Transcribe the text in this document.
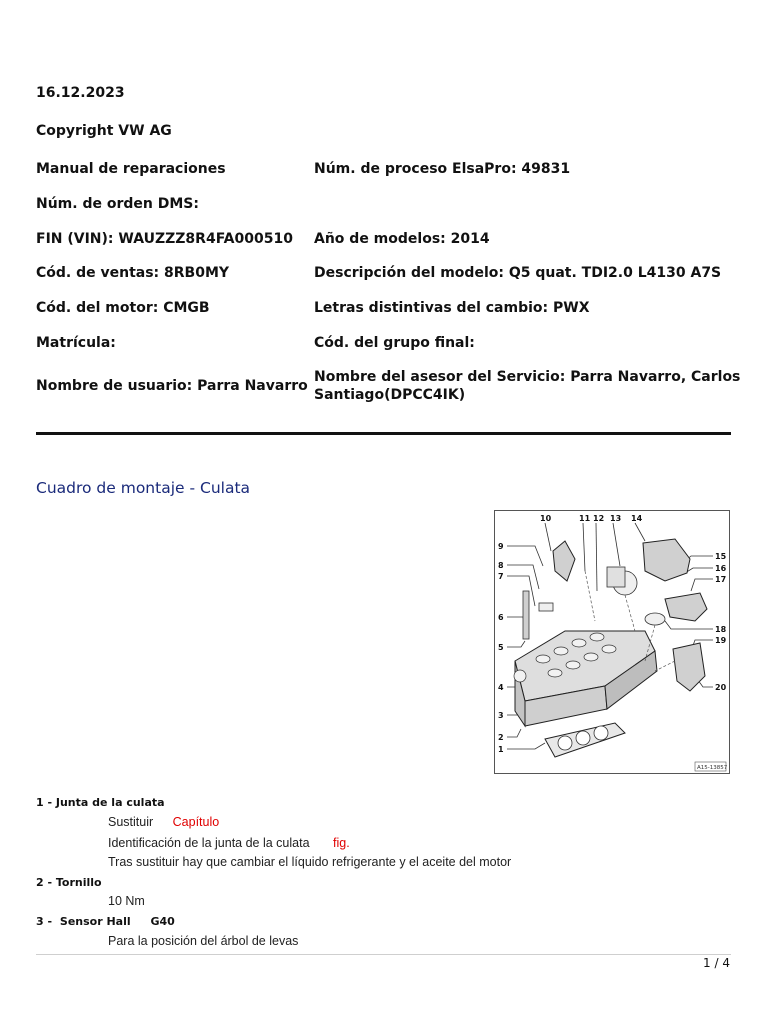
16.12.2023
Copyright VW AG
Manual de reparaciones	Núm. de proceso ElsaPro: 49831
Núm. de orden DMS:
FIN (VIN): WAUZZZ8R4FA000510 Año de modelos: 2014
Cód. de ventas: 8RB0MY	Descripción del modelo: Q5 quat. TDI2.0 L4130 A7S
Cód. del motor: CMGB	Letras distintivas del cambio: PWX
Matrícula:	Cód. del grupo final:
Nombre de usuario: Parra Navarro
Nombre del asesor del Servicio: Parra Navarro, Carlos
Santiago(DPCC4IK)
Cuadro de montaje - Culata
10	11 12 13 14
9
8
7
6
5
4
3
2
1
15
16
17
18
19
20
A15-13857
1 - Junta de la culata
Sustituir Capítulo
Identificación de la junta de la culata fig.
Tras sustituir hay que cambiar el líquido refrigerante y el aceite del motor
2 - Tornillo
10 Nm
3 - Sensor Hall G40
Para la posición del árbol de levas
1 / 4
